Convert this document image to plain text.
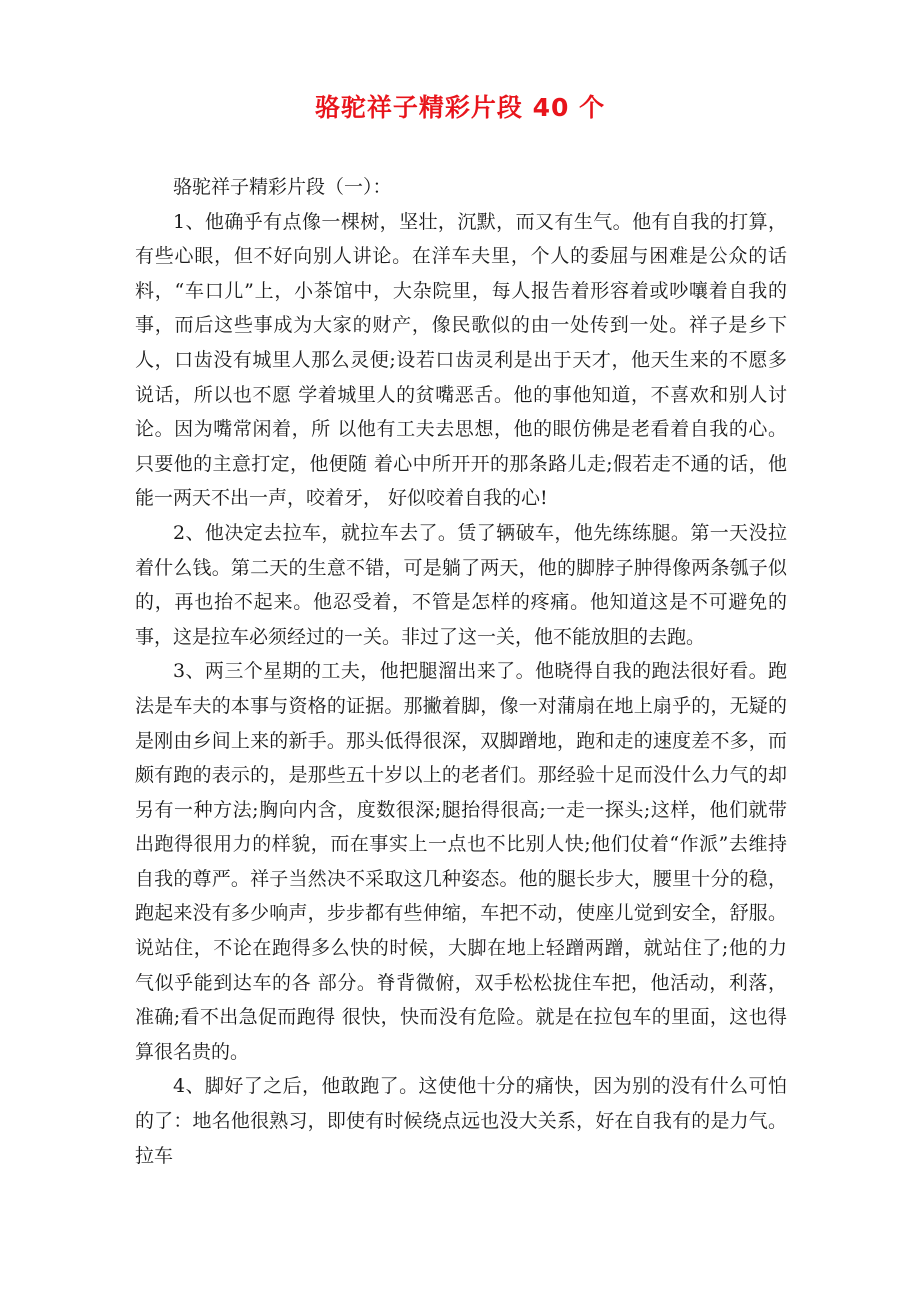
骆驼祥子精彩片段 40 个

骆驼祥子精彩片段（一）：

1、他确乎有点像一棵树，坚壮，沉默，而又有生气。他有自我的打算，有些心眼，但不好向别人讲论。在洋车夫里，个人的委屈与困难是公众的话料，“车口儿”上，小茶馆中，大杂院里，每人报告着形容着或吵嚷着自我的事，而后这些事成为大家的财产，像民歌似的由一处传到一处。祥子是乡下人，口齿没有城里人那么灵便;设若口齿灵利是出于天才，他天生来的不愿多说话，所以也不愿 学着城里人的贫嘴恶舌。他的事他知道，不喜欢和别人讨论。因为嘴常闲着，所 以他有工夫去思想，他的眼仿佛是老看着自我的心。只要他的主意打定，他便随 着心中所开开的那条路儿走;假若走不通的话，他能一两天不出一声，咬着牙， 好似咬着自我的心!

2、他决定去拉车，就拉车去了。赁了辆破车，他先练练腿。第一天没拉着什么钱。第二天的生意不错，可是躺了两天，他的脚脖子肿得像两条瓠子似的，再也抬不起来。他忍受着，不管是怎样的疼痛。他知道这是不可避免的事，这是拉车必须经过的一关。非过了这一关，他不能放胆的去跑。

3、两三个星期的工夫，他把腿溜出来了。他晓得自我的跑法很好看。跑法是车夫的本事与资格的证据。那撇着脚，像一对蒲扇在地上扇乎的，无疑的是刚由乡间上来的新手。那头低得很深，双脚蹭地，跑和走的速度差不多，而颇有跑的表示的，是那些五十岁以上的老者们。那经验十足而没什么力气的却另有一种方法;胸向内含，度数很深;腿抬得很高;一走一探头;这样，他们就带出跑得很用力的样貌，而在事实上一点也不比别人快;他们仗着“作派”去维持自我的尊严。祥子当然决不采取这几种姿态。他的腿长步大，腰里十分的稳，跑起来没有多少响声，步步都有些伸缩，车把不动，使座儿觉到安全，舒服。说站住，不论在跑得多么快的时候，大脚在地上轻蹭两蹭，就站住了;他的力气似乎能到达车的各 部分。脊背微俯，双手松松拢住车把，他活动，利落，准确;看不出急促而跑得 很快，快而没有危险。就是在拉包车的里面，这也得算很名贵的。

4、脚好了之后，他敢跑了。这使他十分的痛快，因为别的没有什么可怕的了：地名他很熟习，即使有时候绕点远也没大关系，好在自我有的是力气。拉车
